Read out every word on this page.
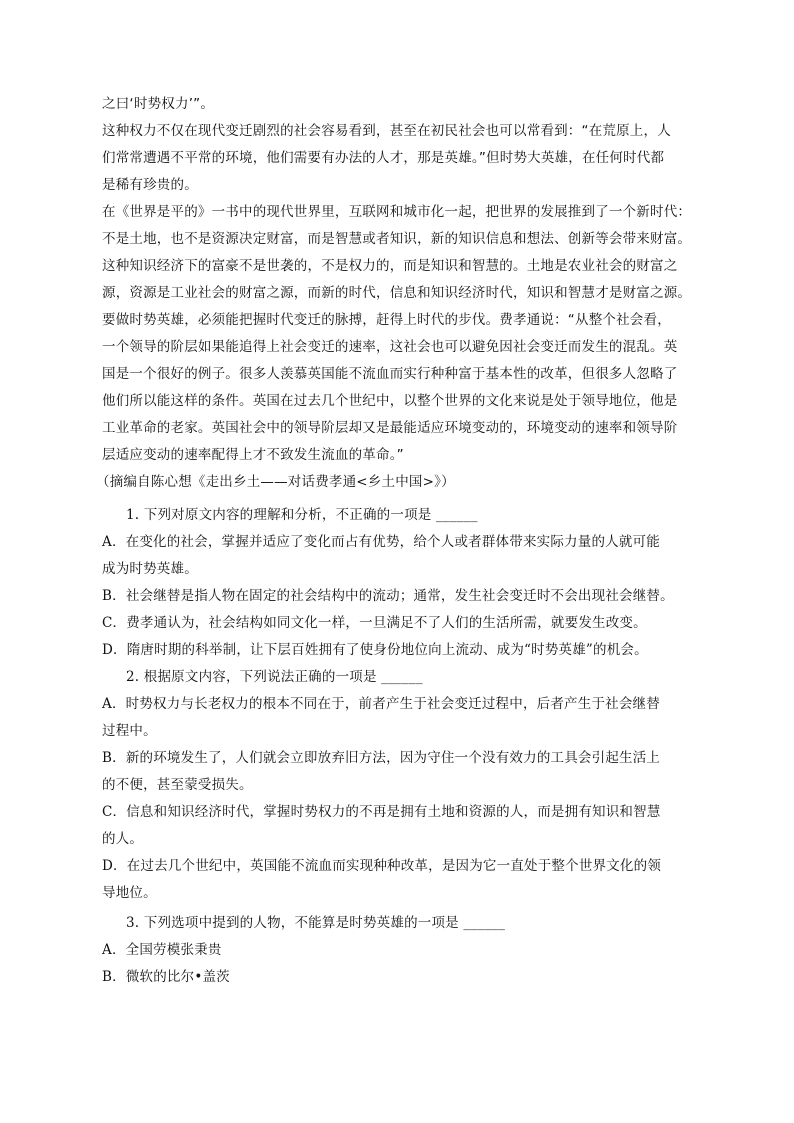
之曰‘时势权力’”。
这种权力不仅在现代变迁剧烈的社会容易看到，甚至在初民社会也可以常看到：“在荒原上，人
们常常遭遇不平常的环境，他们需要有办法的人才，那是英雄。”但时势大英雄，在任何时代都
是稀有珍贵的。
在《世界是平的》一书中的现代世界里，互联网和城市化一起，把世界的发展推到了一个新时代：
不是土地，也不是资源决定财富，而是智慧或者知识，新的知识信息和想法、创新等会带来财富。
这种知识经济下的富豪不是世袭的，不是权力的，而是知识和智慧的。土地是农业社会的财富之
源，资源是工业社会的财富之源，而新的时代，信息和知识经济时代，知识和智慧才是财富之源。
要做时势英雄，必须能把握时代变迁的脉搏，赶得上时代的步伐。费孝通说：“从整个社会看，
一个领导的阶层如果能追得上社会变迁的速率，这社会也可以避免因社会变迁而发生的混乱。英
国是一个很好的例子。很多人羡慕英国能不流血而实行种种富于基本性的改革，但很多人忽略了
他们所以能这样的条件。英国在过去几个世纪中，以整个世界的文化来说是处于领导地位，他是
工业革命的老家。英国社会中的领导阶层却又是最能适应环境变动的，环境变动的速率和领导阶
层适应变动的速率配得上才不致发生流血的革命。”
（摘编自陈心想《走出乡土——对话费孝通<乡土中国>》）
1. 下列对原文内容的理解和分析，不正确的一项是 ______
A．在变化的社会，掌握并适应了变化而占有优势，给个人或者群体带来实际力量的人就可能
成为时势英雄。
B．社会继替是指人物在固定的社会结构中的流动；通常，发生社会变迁时不会出现社会继替。
C．费孝通认为，社会结构如同文化一样，一旦满足不了人们的生活所需，就要发生改变。
D．隋唐时期的科举制，让下层百姓拥有了使身份地位向上流动、成为“时势英雄”的机会。
2. 根据原文内容，下列说法正确的一项是 ______
A．时势权力与长老权力的根本不同在于，前者产生于社会变迁过程中，后者产生于社会继替
过程中。
B．新的环境发生了，人们就会立即放弃旧方法，因为守住一个没有效力的工具会引起生活上
的不便，甚至蒙受损失。
C．信息和知识经济时代，掌握时势权力的不再是拥有土地和资源的人，而是拥有知识和智慧
的人。
D．在过去几个世纪中，英国能不流血而实现种种改革，是因为它一直处于整个世界文化的领
导地位。
3. 下列选项中提到的人物，不能算是时势英雄的一项是 ______
A．全国劳模张秉贵
B．微软的比尔•盖茨
